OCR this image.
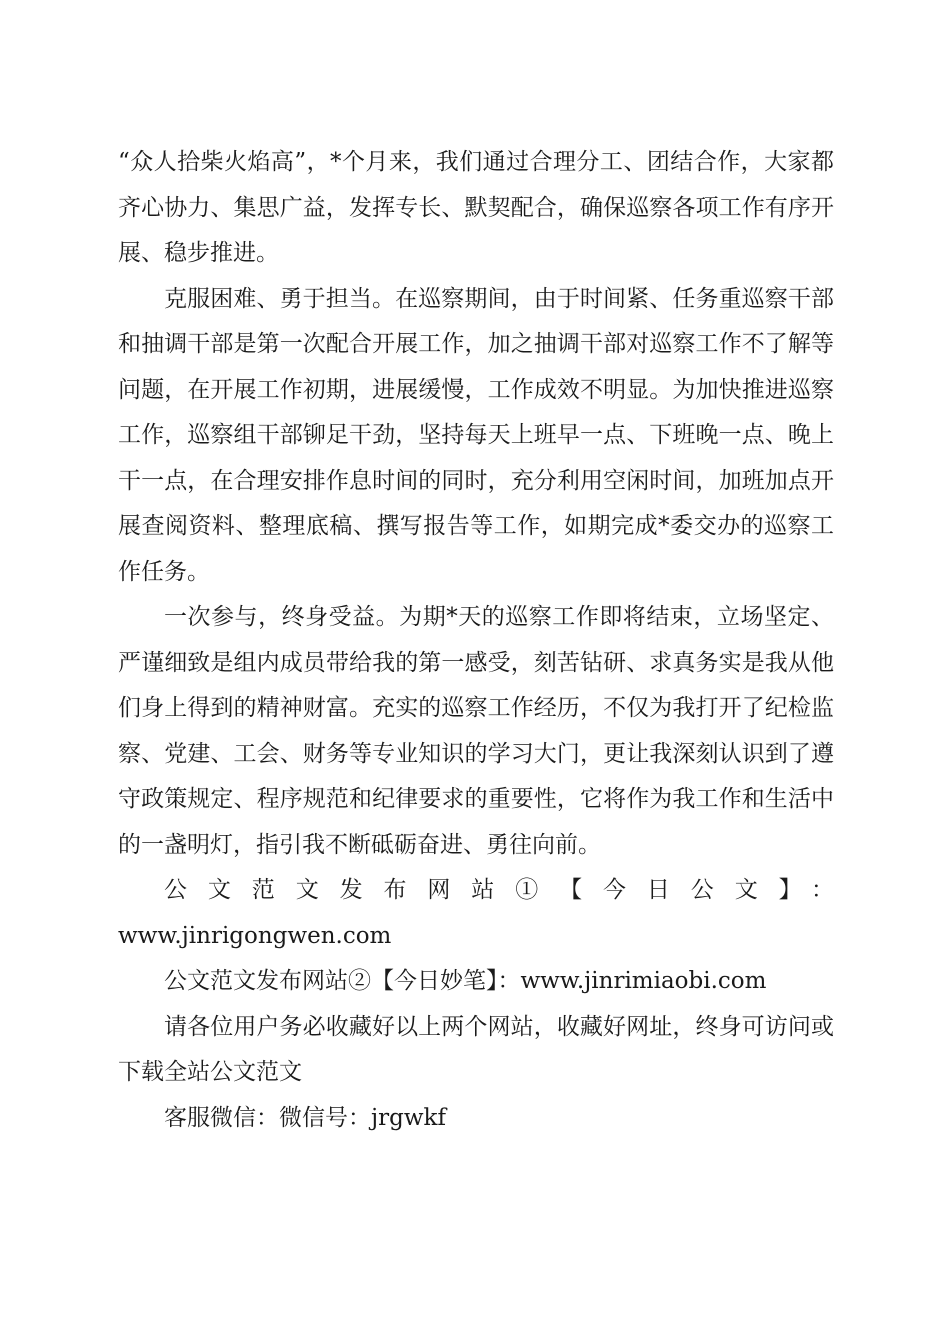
“众人拾柴火焰高”，*个月来，我们通过合理分工、团结合作，大家都齐心协力、集思广益，发挥专长、默契配合，确保巡察各项工作有序开展、稳步推进。

克服困难、勇于担当。在巡察期间，由于时间紧、任务重巡察干部和抽调干部是第一次配合开展工作，加之抽调干部对巡察工作不了解等问题，在开展工作初期，进展缓慢，工作成效不明显。为加快推进巡察工作，巡察组干部铆足干劲，坚持每天上班早一点、下班晚一点、晚上干一点，在合理安排作息时间的同时，充分利用空闲时间，加班加点开展查阅资料、整理底稿、撰写报告等工作，如期完成*委交办的巡察工作任务。

一次参与，终身受益。为期*天的巡察工作即将结束，立场坚定、严谨细致是组内成员带给我的第一感受，刻苦钻研、求真务实是我从他们身上得到的精神财富。充实的巡察工作经历，不仅为我打开了纪检监察、党建、工会、财务等专业知识的学习大门，更让我深刻认识到了遵守政策规定、程序规范和纪律要求的重要性，它将作为我工作和生活中的一盏明灯，指引我不断砥砺奋进、勇往向前。

公文范文发布网站①【今日公文】：
www.jinrigongwen.com

公文范文发布网站②【今日妙笔】：www.jinrimiaobi.com

请各位用户务必收藏好以上两个网站，收藏好网址，终身可访问或下载全站公文范文

客服微信：微信号：jrgwkf
